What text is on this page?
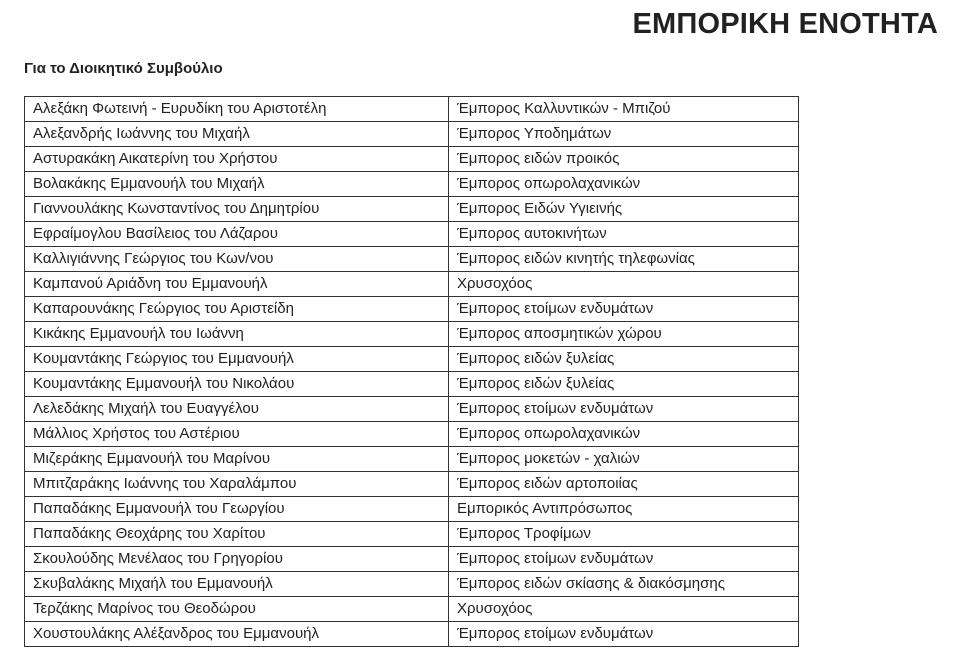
ΕΜΠΟΡΙΚΗ ΕΝΟΤΗΤΑ
Για το Διοικητικό Συμβούλιο
Αλεξάκη Φωτεινή - Ευρυδίκη του Αριστοτέλη	Έμπορος Καλλυντικών - Μπιζού
Αλεξανδρής Ιωάννης του Μιχαήλ	Έμπορος Υποδημάτων
Αστυρακάκη Αικατερίνη του Χρήστου	Έμπορος ειδών προικός
Βολακάκης Εμμανουήλ του Μιχαήλ	Έμπορος οπωρολαχανικών
Γιαννουλάκης Κωνσταντίνος του Δημητρίου	Έμπορος Ειδών Υγιεινής
Εφραίμογλου Βασίλειος του Λάζαρου	Έμπορος αυτοκινήτων
Καλλιγιάννης Γεώργιος του Κων/νου	Έμπορος ειδών κινητής τηλεφωνίας
Καμπανού Αριάδνη του Εμμανουήλ	Χρυσοχόος
Καπαρουνάκης Γεώργιος του Αριστείδη	Έμπορος ετοίμων ενδυμάτων
Κικάκης Εμμανουήλ του Ιωάννη	Έμπορος αποσμητικών χώρου
Κουμαντάκης Γεώργιος του Εμμανουήλ	Έμπορος ειδών ξυλείας
Κουμαντάκης Εμμανουήλ του Νικολάου	Έμπορος ειδών ξυλείας
Λελεδάκης Μιχαήλ του Ευαγγέλου	Έμπορος ετοίμων ενδυμάτων
Μάλλιος Χρήστος του Αστέριου	Έμπορος οπωρολαχανικών
Μιζεράκης Εμμανουήλ του Μαρίνου	Έμπορος μοκετών - χαλιών
Μπιτζαράκης Ιωάννης του Χαραλάμπου	Έμπορος ειδών αρτοποιίας
Παπαδάκης Εμμανουήλ του Γεωργίου	Εμπορικός Αντιπρόσωπος
Παπαδάκης Θεοχάρης του Χαρίτου	Έμπορος Τροφίμων
Σκουλούδης Μενέλαος του Γρηγορίου	Έμπορος ετοίμων ενδυμάτων
Σκυβαλάκης Μιχαήλ του Εμμανουήλ	Έμπορος ειδών σκίασης & διακόσμησης
Τερζάκης Μαρίνος του Θεοδώρου	Χρυσοχόος
Χουστουλάκης Αλέξανδρος του Εμμανουήλ	Έμπορος ετοίμων ενδυμάτων
